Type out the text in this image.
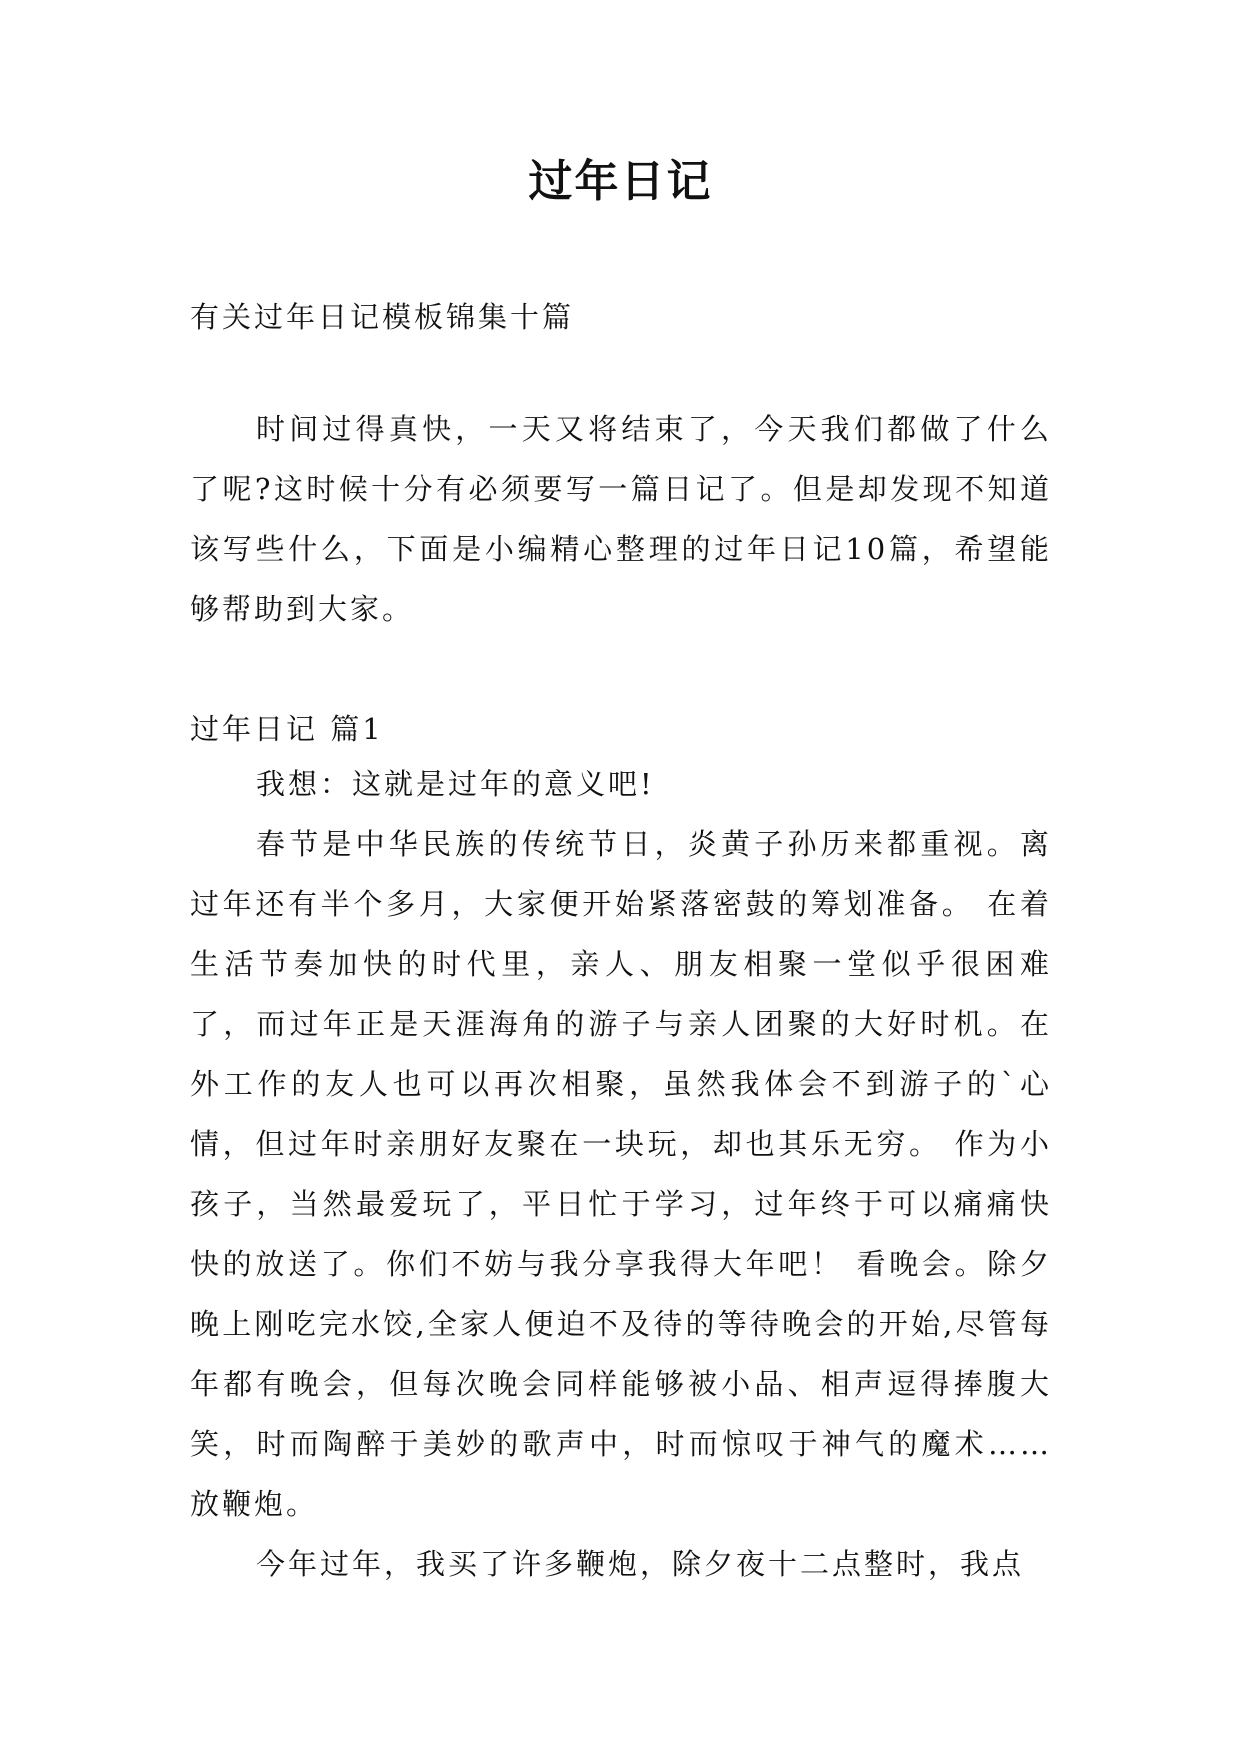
过年日记
有关过年日记模板锦集十篇

时间过得真快，一天又将结束了，今天我们都做了什么了呢?这时候十分有必须要写一篇日记了。但是却发现不知道该写些什么，下面是小编精心整理的过年日记10篇，希望能够帮助到大家。

过年日记 篇1

我想：这就是过年的意义吧!

春节是中华民族的传统节日，炎黄子孙历来都重视。离过年还有半个多月，大家便开始紧落密鼓的筹划准备。 在着生活节奏加快的时代里，亲人、朋友相聚一堂似乎很困难了，而过年正是天涯海角的游子与亲人团聚的大好时机。在外工作的友人也可以再次相聚，虽然我体会不到游子的`心情，但过年时亲朋好友聚在一块玩，却也其乐无穷。 作为小孩子，当然最爱玩了，平日忙于学习，过年终于可以痛痛快快的放送了。你们不妨与我分享我得大年吧！ 看晚会。除夕晚上刚吃完水饺,全家人便迫不及待的等待晚会的开始,尽管每年都有晚会，但每次晚会同样能够被小品、相声逗得捧腹大笑，时而陶醉于美妙的歌声中，时而惊叹于神气的魔术…… 放鞭炮。

今年过年，我买了许多鞭炮，除夕夜十二点整时，我点
